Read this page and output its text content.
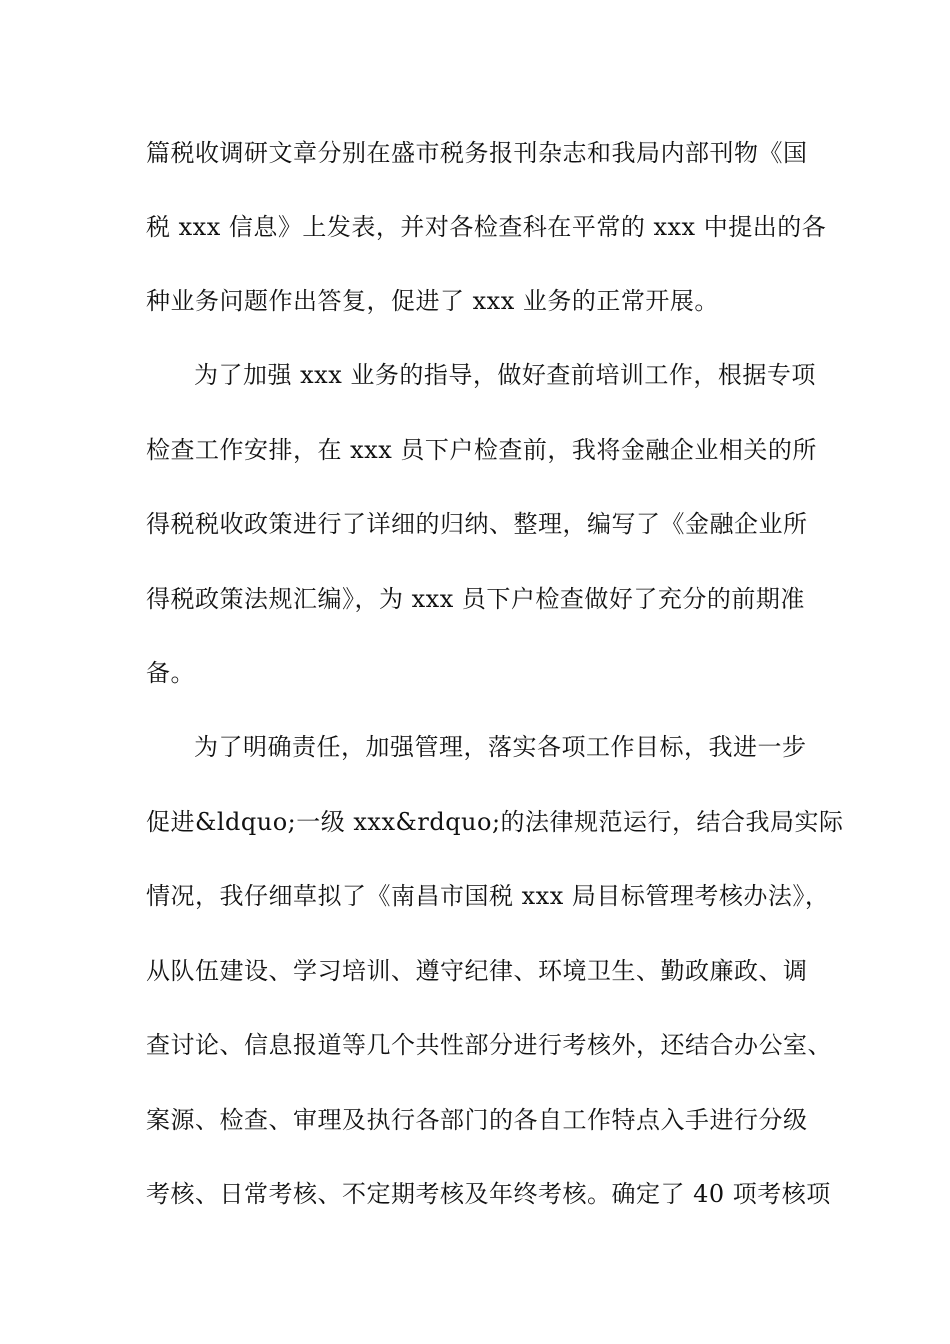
篇税收调研文章分别在盛市税务报刊杂志和我局内部刊物《国
税 xxx 信息》上发表，并对各检查科在平常的 xxx 中提出的各
种业务问题作出答复，促进了 xxx 业务的正常开展。
为了加强 xxx 业务的指导，做好查前培训工作，根据专项
检查工作安排，在 xxx 员下户检查前，我将金融企业相关的所
得税税收政策进行了详细的归纳、整理，编写了《金融企业所
得税政策法规汇编》，为 xxx 员下户检查做好了充分的前期准
备。
为了明确责任，加强管理，落实各项工作目标，我进一步
促进&ldquo;一级 xxx&rdquo;的法律规范运行，结合我局实际
情况，我仔细草拟了《南昌市国税 xxx 局目标管理考核办法》，
从队伍建设、学习培训、遵守纪律、环境卫生、勤政廉政、调
查讨论、信息报道等几个共性部分进行考核外，还结合办公室、
案源、检查、审理及执行各部门的各自工作特点入手进行分级
考核、日常考核、不定期考核及年终考核。确定了 40 项考核项
